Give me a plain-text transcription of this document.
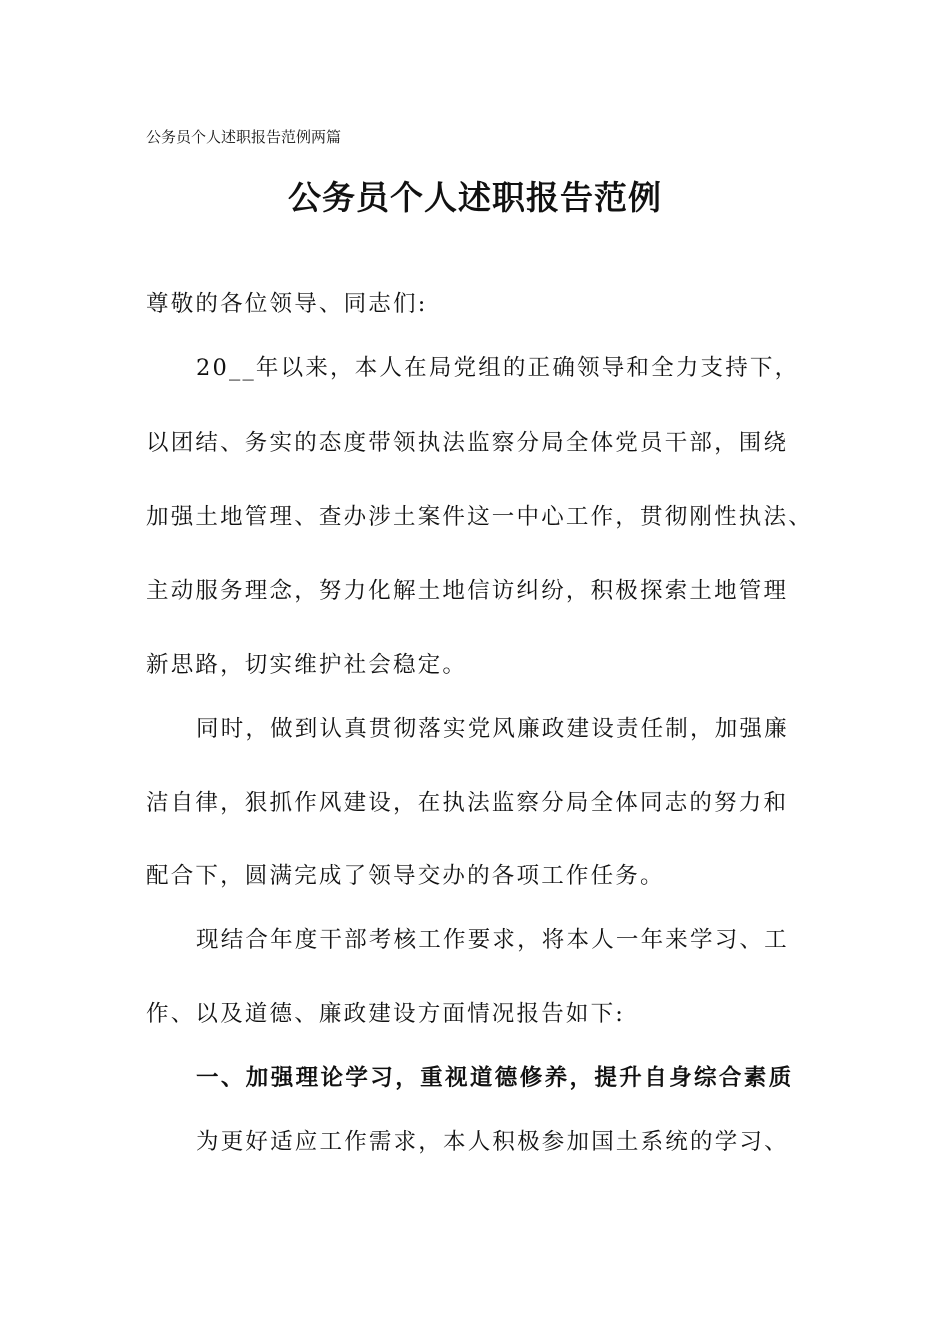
公务员个人述职报告范例两篇
公务员个人述职报告范例
尊敬的各位领导、同志们:
20__年以来，本人在局党组的正确领导和全力支持下，
以团结、务实的态度带领执法监察分局全体党员干部，围绕
加强土地管理、查办涉土案件这一中心工作，贯彻刚性执法、
主动服务理念，努力化解土地信访纠纷，积极探索土地管理
新思路，切实维护社会稳定。
同时，做到认真贯彻落实党风廉政建设责任制，加强廉
洁自律，狠抓作风建设，在执法监察分局全体同志的努力和
配合下，圆满完成了领导交办的各项工作任务。
现结合年度干部考核工作要求，将本人一年来学习、工
作、以及道德、廉政建设方面情况报告如下:
一、加强理论学习，重视道德修养，提升自身综合素质
为更好适应工作需求，本人积极参加国土系统的学习、
